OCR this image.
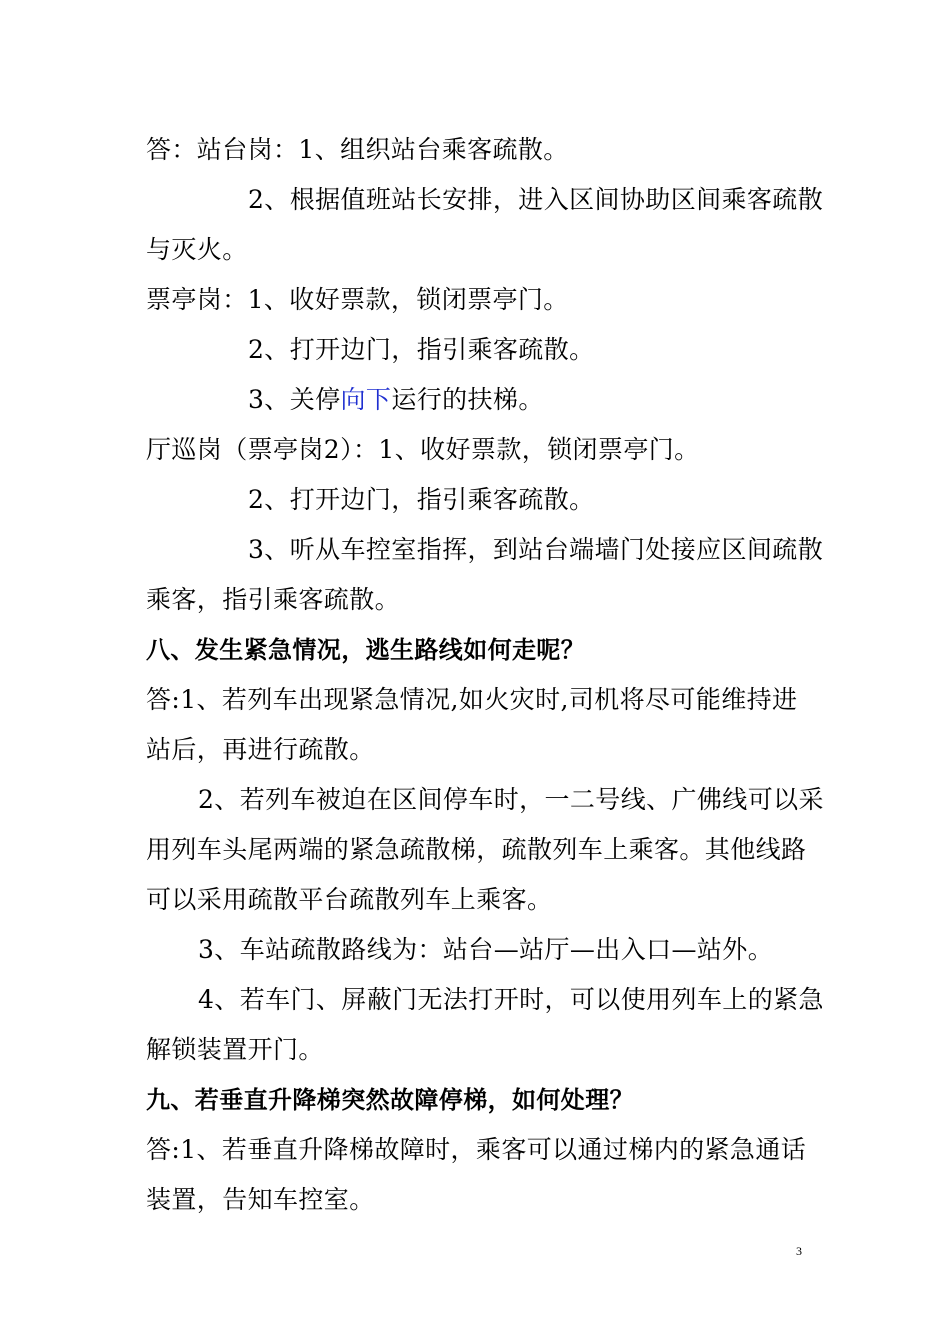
答：站台岗：1、组织站台乘客疏散。
2、根据值班站长安排，进入区间协助区间乘客疏散
与灭火。
票亭岗：1、收好票款，锁闭票亭门。
2、打开边门，指引乘客疏散。
3、关停向下运行的扶梯。
厅巡岗（票亭岗2）：1、收好票款，锁闭票亭门。
2、打开边门，指引乘客疏散。
3、听从车控室指挥，到站台端墙门处接应区间疏散
乘客，指引乘客疏散。
八、发生紧急情况，逃生路线如何走呢？
答:1、若列车出现紧急情况,如火灾时,司机将尽可能维持进
站后，再进行疏散。
2、若列车被迫在区间停车时，一二号线、广佛线可以采
用列车头尾两端的紧急疏散梯，疏散列车上乘客。其他线路
可以采用疏散平台疏散列车上乘客。
3、车站疏散路线为：站台—站厅—出入口—站外。
4、若车门、屏蔽门无法打开时，可以使用列车上的紧急
解锁装置开门。
九、若垂直升降梯突然故障停梯，如何处理？
答:1、若垂直升降梯故障时，乘客可以通过梯内的紧急通话
装置，告知车控室。
3
